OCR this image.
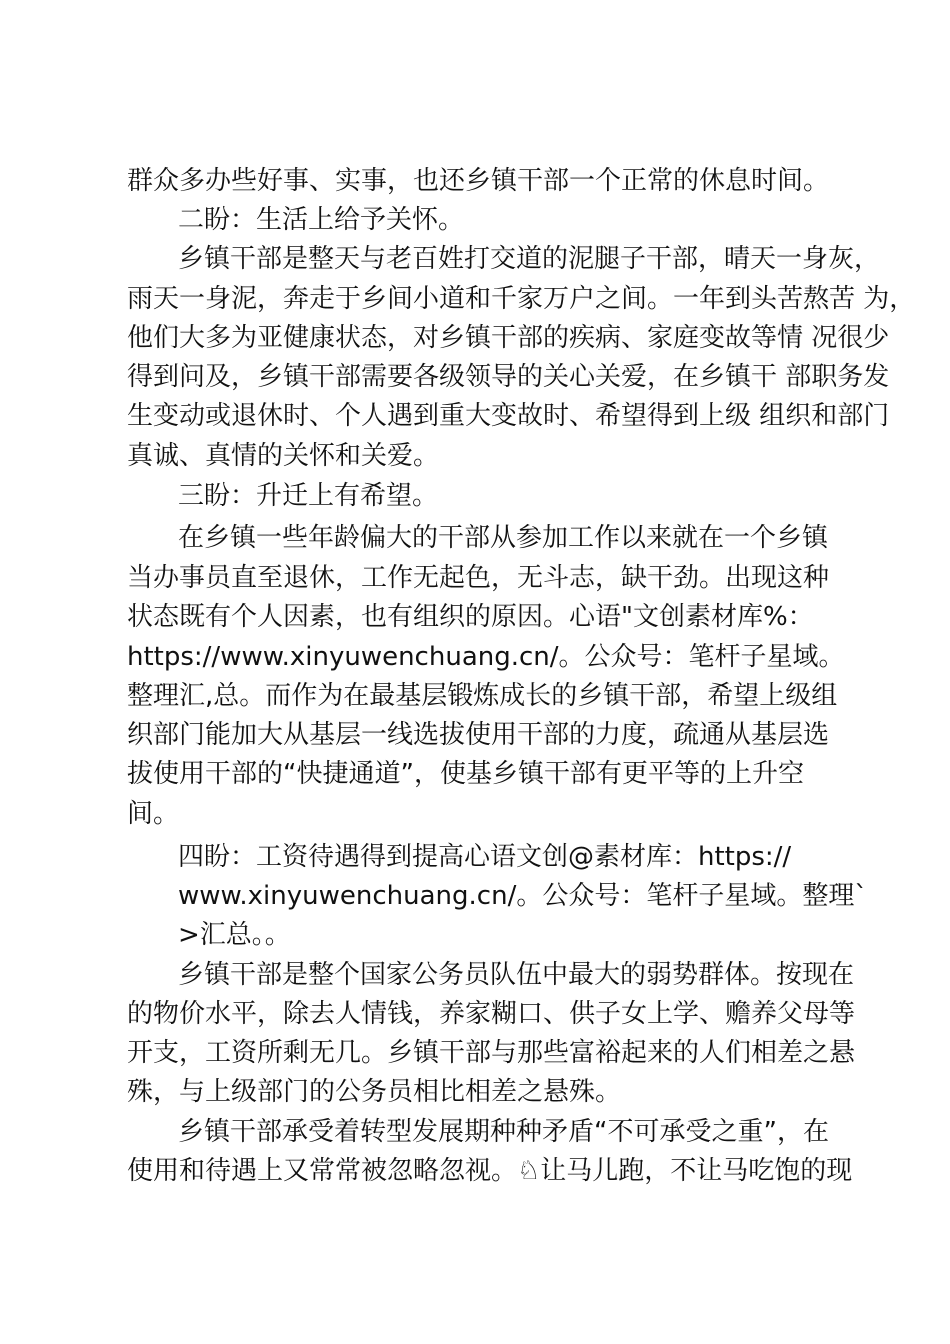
群众多办些好事、实事，也还乡镇干部一个正常的休息时间。

二盼：生活上给予关怀。

乡镇干部是整天与老百姓打交道的泥腿子干部，晴天一身灰，

雨天一身泥，奔走于乡间小道和千家万户之间。一年到头苦熬苦 为，

他们大多为亚健康状态，对乡镇干部的疾病、家庭变故等情 况很少

得到问及，乡镇干部需要各级领导的关心关爱，在乡镇干 部职务发

生变动或退休时、个人遇到重大变故时、希望得到上级 组织和部门

真诚、真情的关怀和关爱。

三盼：升迁上有希望。

在乡镇一些年龄偏大的干部从参加工作以来就在一个乡镇

当办事员直至退休，工作无起色，无斗志，缺干劲。出现这种

状态既有个人因素，也有组织的原因。心语"文创素材库%：

https://www.xinyuwenchuang.cn/。公众号：笔杆子星域。

整理汇,总。而作为在最基层锻炼成长的乡镇干部，希望上级组

织部门能加大从基层一线选拔使用干部的力度，疏通从基层选

拔使用干部的“快捷通道”，使基乡镇干部有更平等的上升空

间。

四盼：工资待遇得到提高心语文创@素材库：https://

www.xinyuwenchuang.cn/。公众号：笔杆子星域。整理`

>汇总。。

乡镇干部是整个国家公务员队伍中最大的弱势群体。按现在

的物价水平，除去人情钱，养家糊口、供子女上学、赡养父母等

开支，工资所剩无几。乡镇干部与那些富裕起来的人们相差之悬

殊，与上级部门的公务员相比相差之悬殊。

乡镇干部承受着转型发展期种种矛盾“不可承受之重”，在

使用和待遇上又常常被忽略忽视。♘让马儿跑，不让马吃饱的现
